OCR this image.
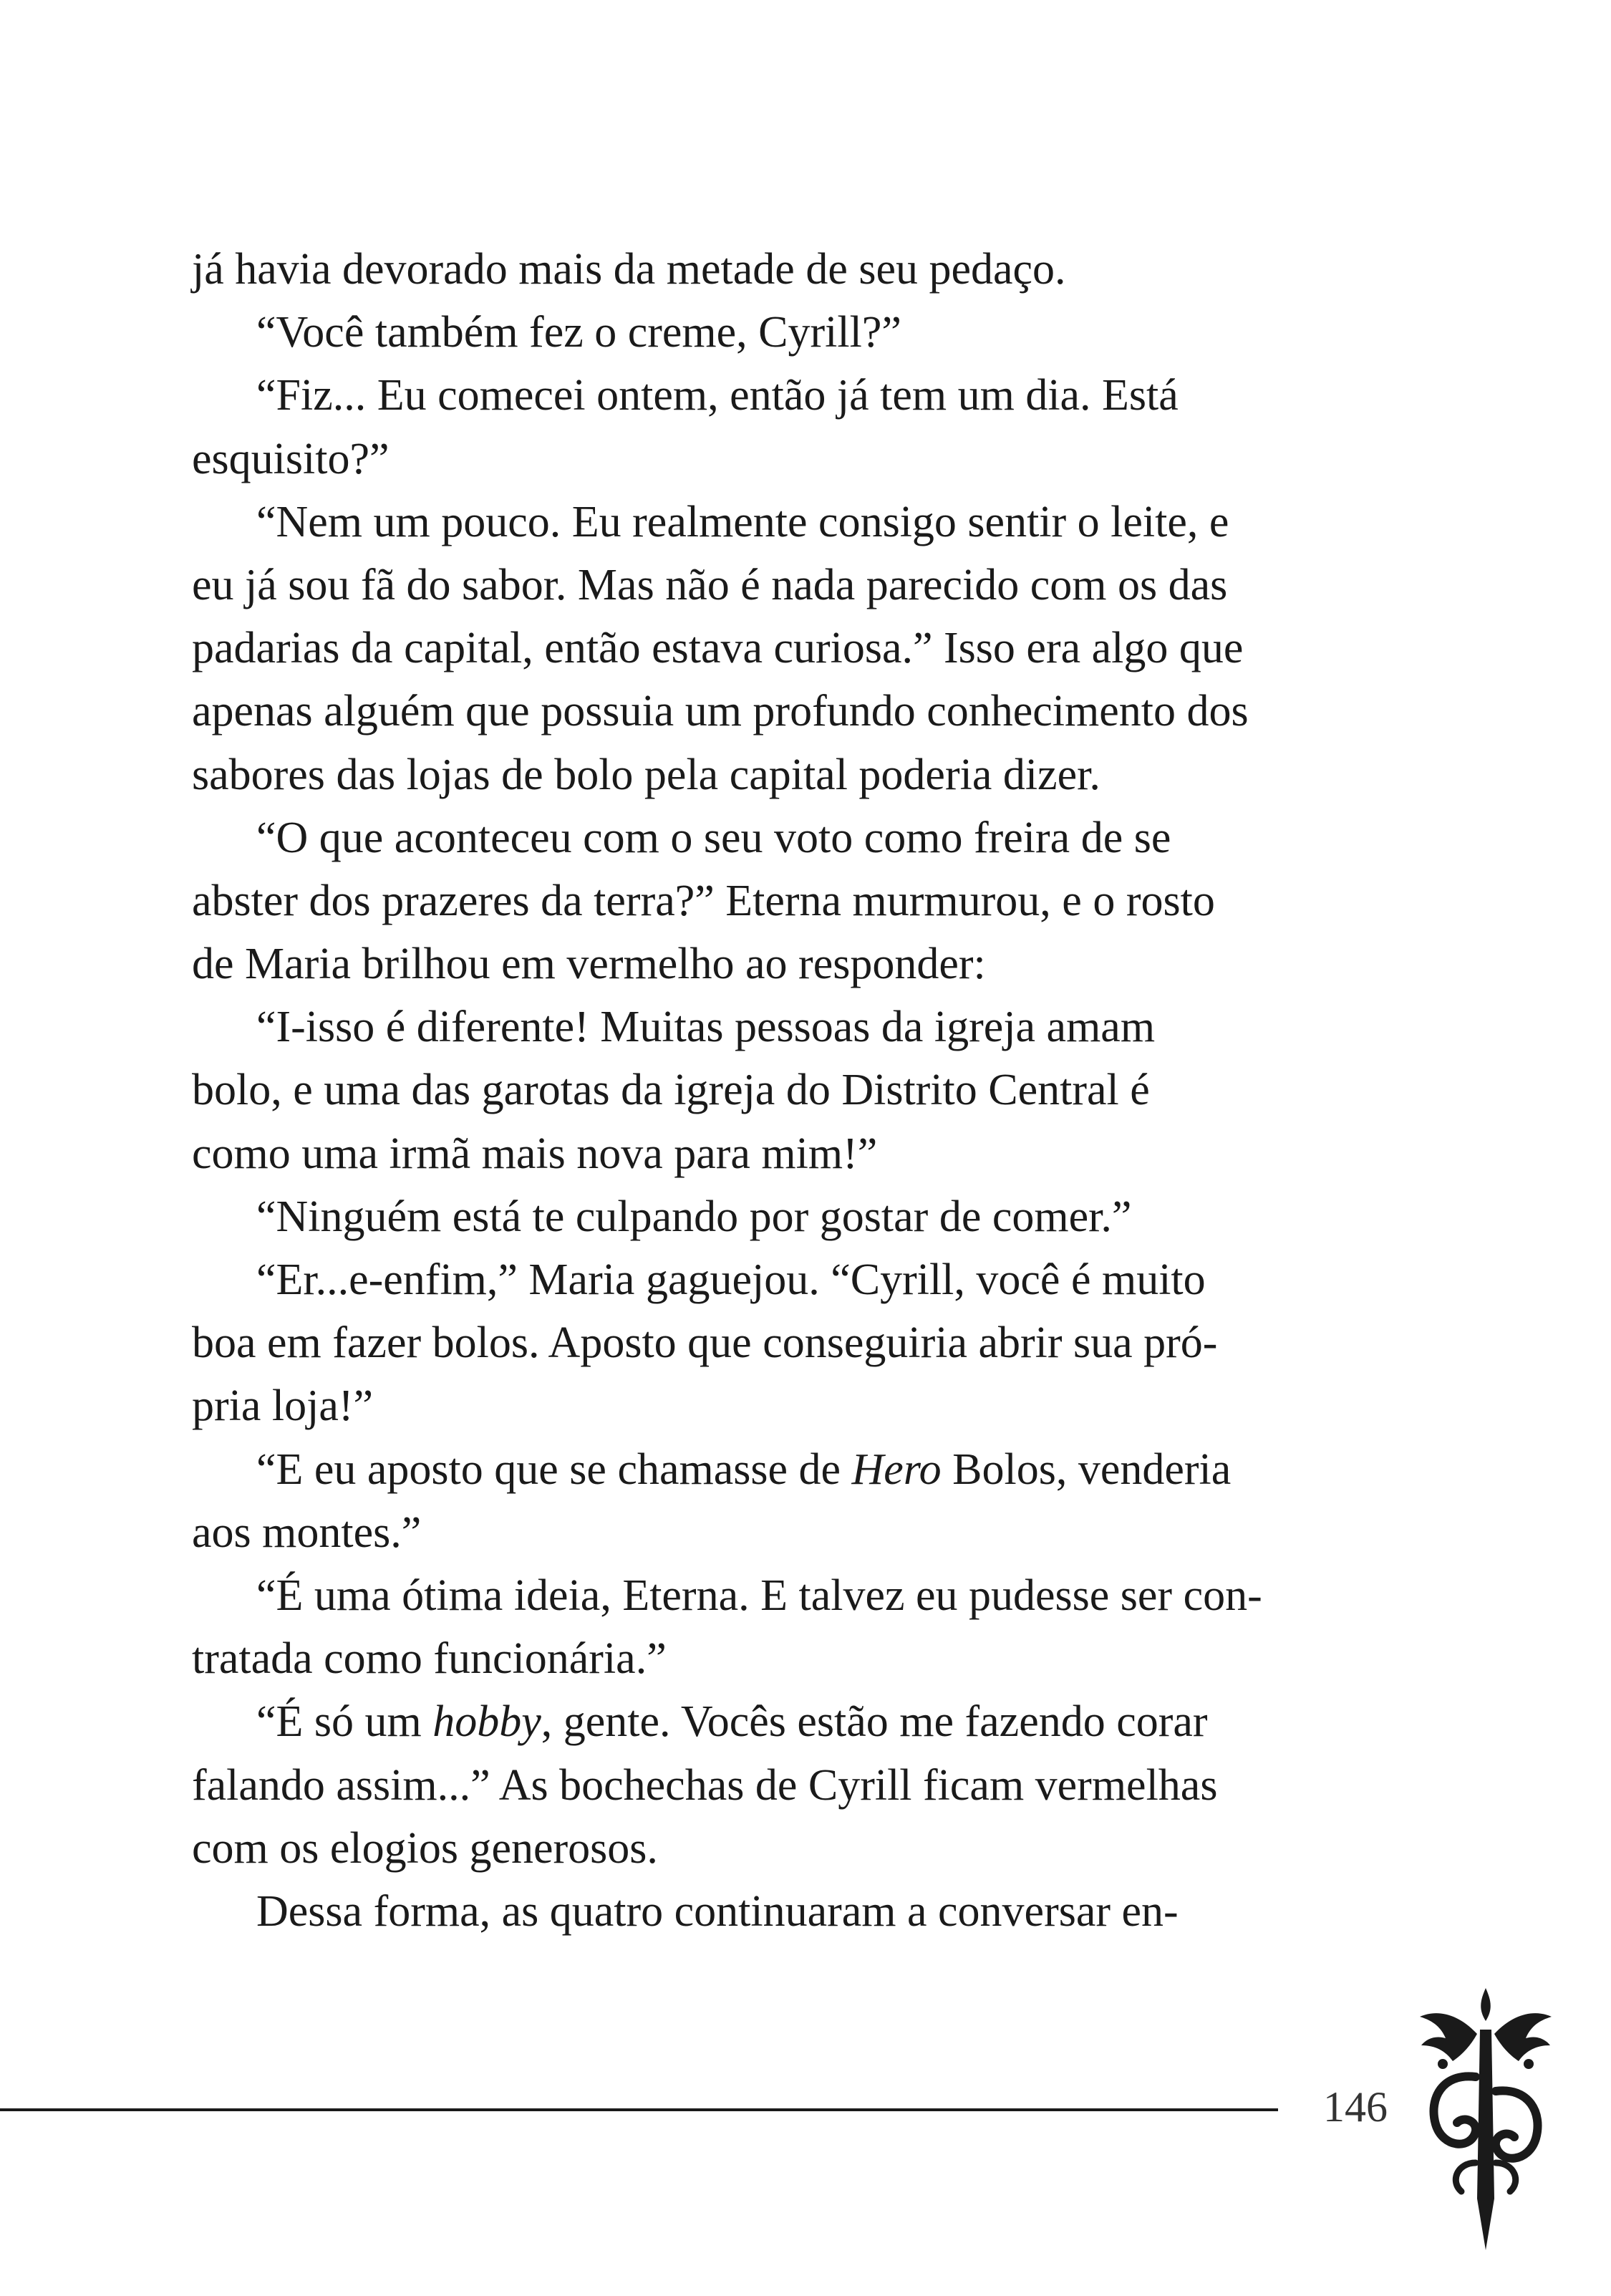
já havia devorado mais da metade de seu pedaço.
“Você também fez o creme, Cyrill?”
“Fiz... Eu comecei ontem, então já tem um dia. Está
esquisito?”
“Nem um pouco. Eu realmente consigo sentir o leite, e
eu já sou fã do sabor. Mas não é nada parecido com os das
padarias da capital, então estava curiosa.” Isso era algo que
apenas alguém que possuia um profundo conhecimento dos
sabores das lojas de bolo pela capital poderia dizer.
“O que aconteceu com o seu voto como freira de se
abster dos prazeres da terra?” Eterna murmurou, e o rosto
de Maria brilhou em vermelho ao responder:
“I-isso é diferente! Muitas pessoas da igreja amam
bolo, e uma das garotas da igreja do Distrito Central é
como uma irmã mais nova para mim!”
“Ninguém está te culpando por gostar de comer.”
“Er...e-enfim,” Maria gaguejou. “Cyrill, você é muito
boa em fazer bolos. Aposto que conseguiria abrir sua pró-
pria loja!”
“E eu aposto que se chamasse de Hero Bolos, venderia
aos montes.”
“É uma ótima ideia, Eterna. E talvez eu pudesse ser con-
tratada como funcionária.”
“É só um hobby, gente. Vocês estão me fazendo corar
falando assim...” As bochechas de Cyrill ficam vermelhas
com os elogios generosos.
Dessa forma, as quatro continuaram a conversar en-
146
